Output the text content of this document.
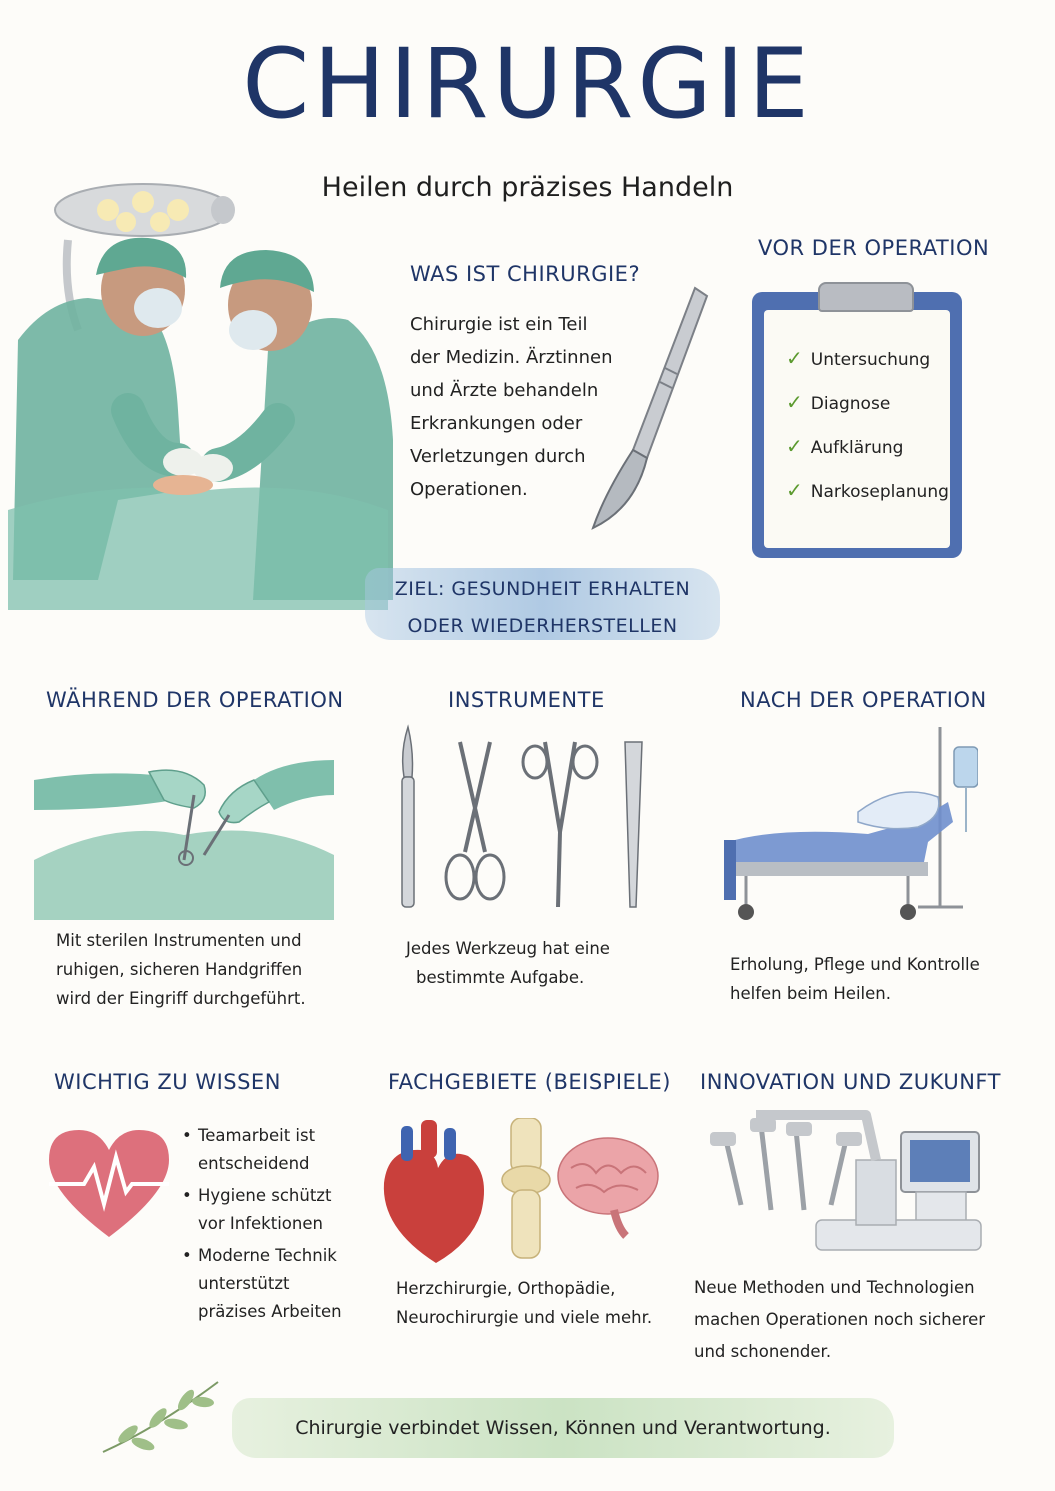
CHIRURGIE
Heilen durch präzises Handeln
WAS IST CHIRURGIE?
Chirurgie ist ein Teil
der Medizin. Ärztinnen
und Ärzte behandeln
Erkrankungen oder
Verletzungen durch
Operationen.
VOR DER OPERATION
✓ Untersuchung
✓ Diagnose
✓ Aufklärung
✓ Narkoseplanung
ZIEL: GESUNDHEIT ERHALTEN
ODER WIEDERHERSTELLEN
WÄHREND DER OPERATION
Mit sterilen Instrumenten und
ruhigen, sicheren Handgriffen
wird der Eingriff durchgeführt.
INSTRUMENTE
Jedes Werkzeug hat eine
bestimmte Aufgabe.
NACH DER OPERATION
Erholung, Pflege und Kontrolle
helfen beim Heilen.
WICHTIG ZU WISSEN
• Teamarbeit ist
entscheidend
• Hygiene schützt
vor Infektionen
• Moderne Technik
unterstützt
präzises Arbeiten
FACHGEBIETE (BEISPIELE)
Herzchirurgie, Orthopädie,
Neurochirurgie und viele mehr.
INNOVATION UND ZUKUNFT
Neue Methoden und Technologien
machen Operationen noch sicherer
und schonender.
Chirurgie verbindet Wissen, Können und Verantwortung.
